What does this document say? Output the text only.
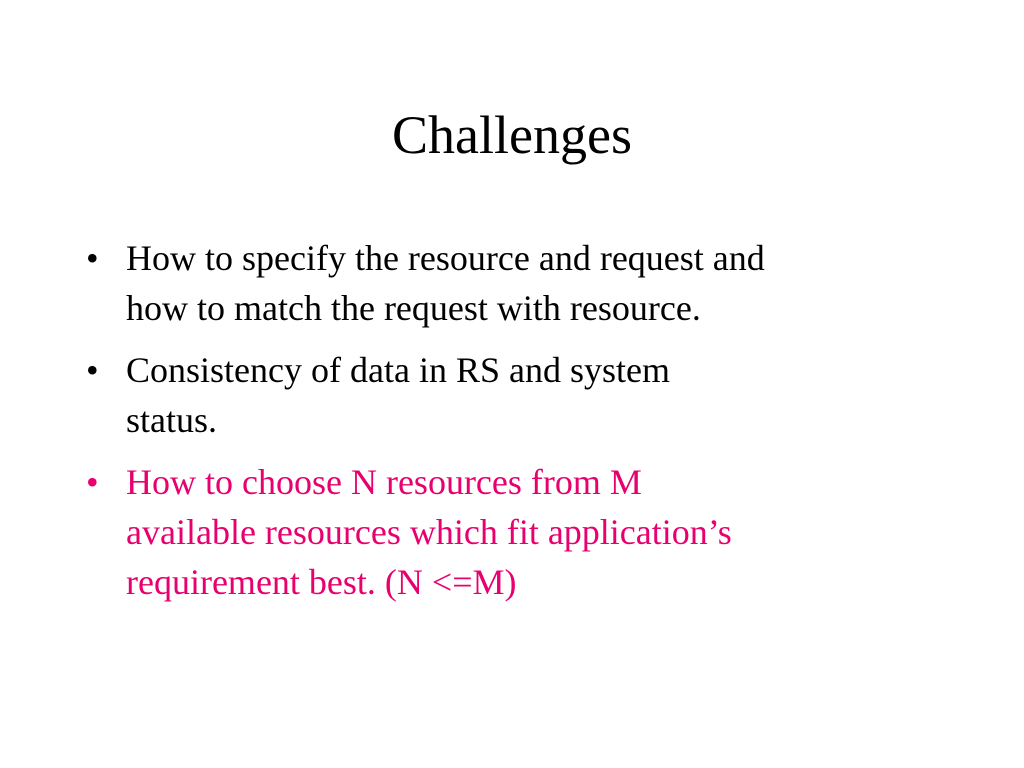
Challenges
• How to specify the resource and request and
how to match the request with resource.
• Consistency of data in RS and system
status.
• How to choose N resources from M
available resources which fit application’s
requirement best. (N <=M)
